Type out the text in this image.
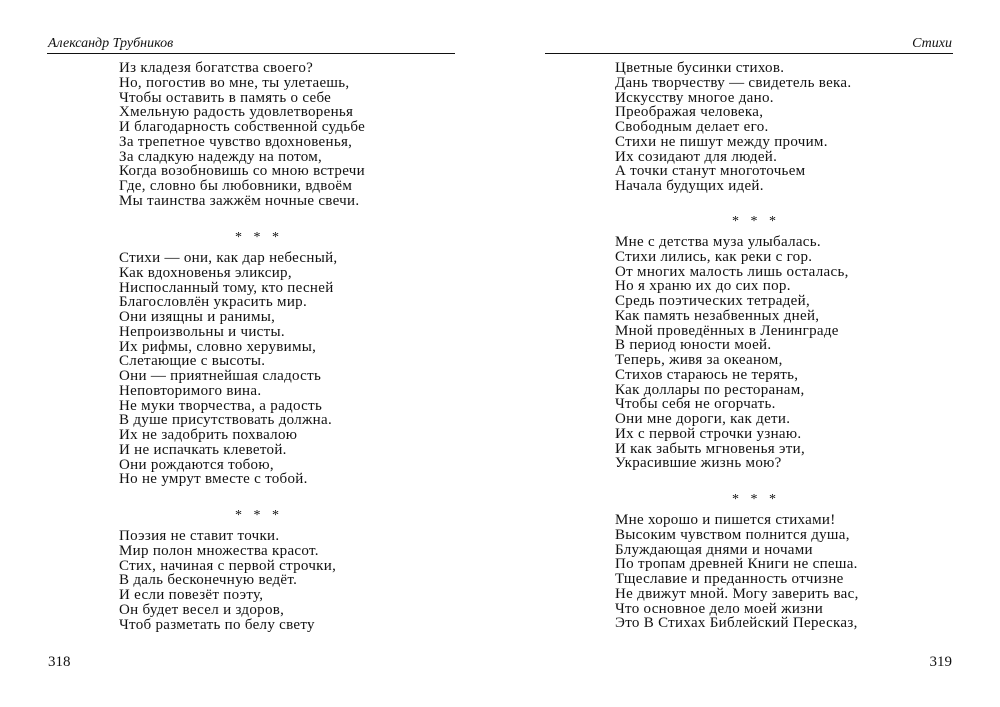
Александр Трубников
Из кладезя богатства своего?
Но, погостив во мне, ты улетаешь,
Чтобы оставить в память о себе
Хмельную радость удовлетворенья
И благодарность собственной судьбе
За трепетное чувство вдохновенья,
За сладкую надежду на потом,
Когда возобновишь со мною встречи
Где, словно бы любовники, вдвоём
Мы таинства зажжём ночные свечи.
* * *
Стихи — они, как дар небесный,
Как вдохновенья эликсир,
Ниспосланный тому, кто песней
Благословлён украсить мир.
Они изящны и ранимы,
Непроизвольны и чисты.
Их рифмы, словно херувимы,
Слетающие с высоты.
Они — приятнейшая сладость
Неповторимого вина.
Не муки творчества, а радость
В душе присутствовать должна.
Их не задобрить похвалою
И не испачкать клеветой.
Они рождаются тобою,
Но не умрут вместе с тобой.
* * *
Поэзия не ставит точки.
Мир полон множества красот.
Стих, начиная с первой строчки,
В даль бесконечную ведёт.
И если повезёт поэту,
Он будет весел и здоров,
Чтоб разметать по белу свету
318
Стихи
Цветные бусинки стихов.
Дань творчеству — свидетель века.
Искусству многое дано.
Преображая человека,
Свободным делает его.
Стихи не пишут между прочим.
Их созидают для людей.
А точки станут многоточьем
Начала будущих идей.
* * *
Мне с детства муза улыбалась.
Стихи лились, как реки с гор.
От многих малость лишь осталась,
Но я храню их до сих пор.
Средь поэтических тетрадей,
Как память незабвенных дней,
Мной проведённых в Ленинграде
В период юности моей.
Теперь, живя за океаном,
Стихов стараюсь не терять,
Как доллары по ресторанам,
Чтобы себя не огорчать.
Они мне дороги, как дети.
Их с первой строчки узнаю.
И как забыть мгновенья эти,
Украсившие жизнь мою?
* * *
Мне хорошо и пишется стихами!
Высоким чувством полнится душа,
Блуждающая днями и ночами
По тропам древней Книги не спеша.
Тщеславие и преданность отчизне
Не движут мной. Могу заверить вас,
Что основное дело моей жизни
Это В Стихах Библейский Пересказ,
319
